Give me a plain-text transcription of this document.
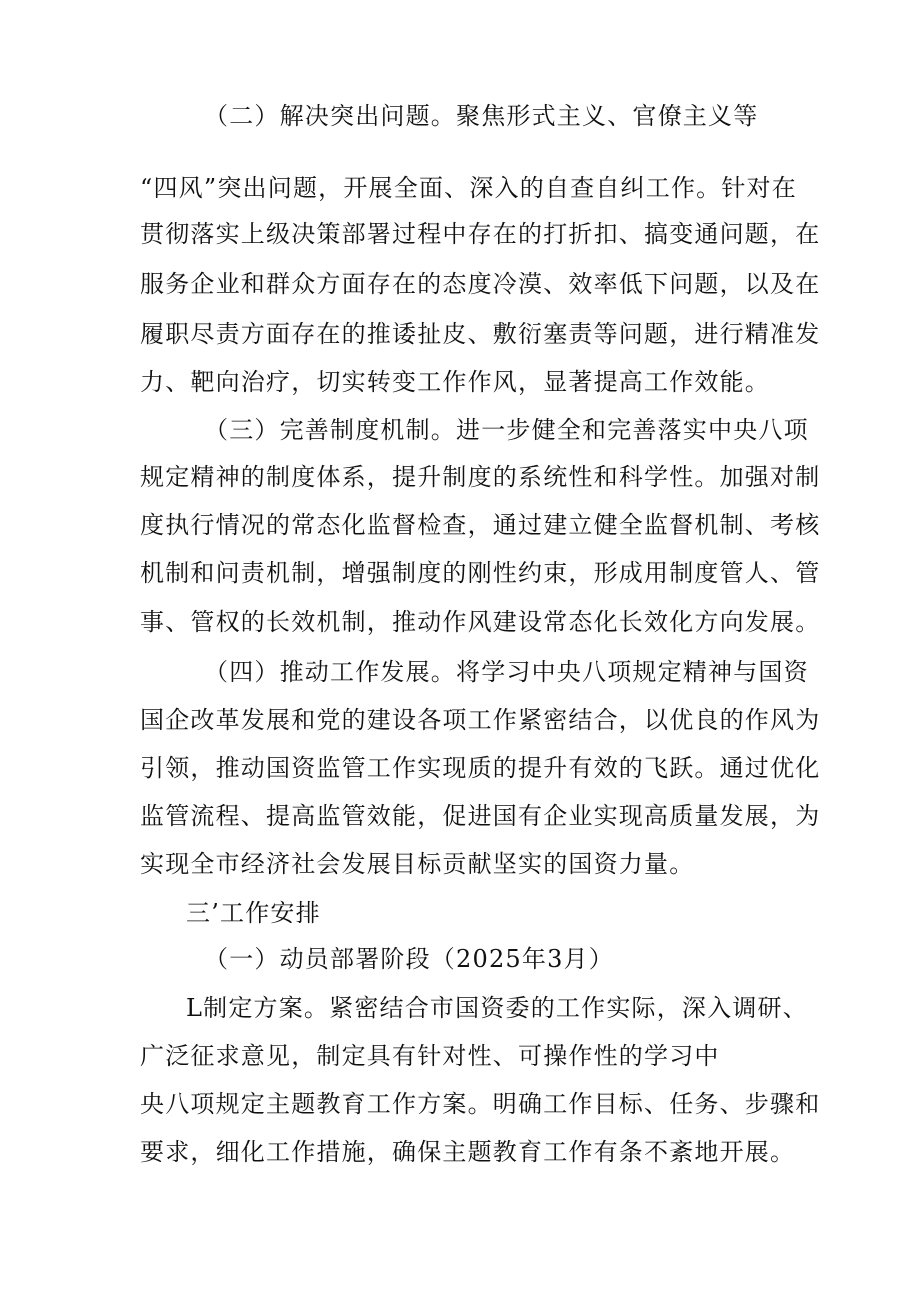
（二）解决突出问题。聚焦形式主义、官僚主义等
“四风”突出问题，开展全面、深入的自查自纠工作。针对在
贯彻落实上级决策部署过程中存在的打折扣、搞变通问题，在
服务企业和群众方面存在的态度冷漠、效率低下问题，以及在
履职尽责方面存在的推诿扯皮、敷衍塞责等问题，进行精准发
力、靶向治疗，切实转变工作作风，显著提高工作效能。
（三）完善制度机制。进一步健全和完善落实中央八项
规定精神的制度体系，提升制度的系统性和科学性。加强对制
度执行情况的常态化监督检查，通过建立健全监督机制、考核
机制和问责机制，增强制度的刚性约束，形成用制度管人、管
事、管权的长效机制，推动作风建设常态化长效化方向发展。
（四）推动工作发展。将学习中央八项规定精神与国资
国企改革发展和党的建设各项工作紧密结合，以优良的作风为
引领，推动国资监管工作实现质的提升有效的飞跃。通过优化
监管流程、提高监管效能，促进国有企业实现高质量发展，为
实现全市经济社会发展目标贡献坚实的国资力量。
三’工作安排
（一）动员部署阶段（2025年3月）
L制定方案。紧密结合市国资委的工作实际，深入调研、
广泛征求意见，制定具有针对性、可操作性的学习中
央八项规定主题教育工作方案。明确工作目标、任务、步骤和
要求，细化工作措施，确保主题教育工作有条不紊地开展。
